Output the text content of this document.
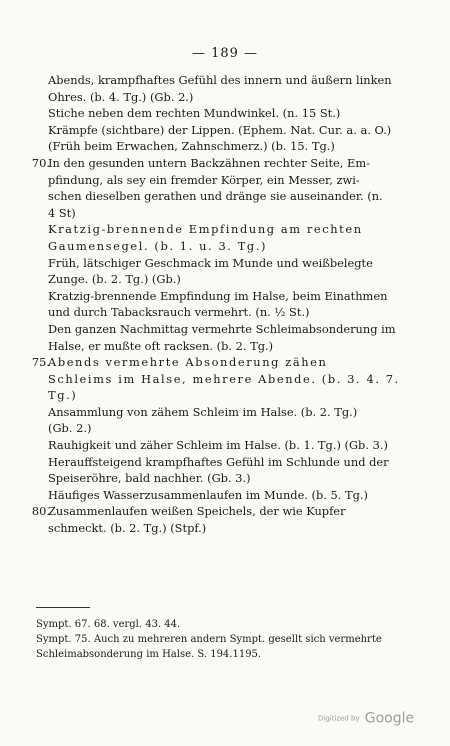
— 189 —

Abends, krampfhaftes Gefühl des innern und äußern linken

Ohres. (b. 4. Tg.) (Gb. 2.)

Stiche neben dem rechten Mundwinkel. (n. 15 St.)

Krämpfe (sichtbare) der Lippen. (Ephem. Nat. Cur. a. a. O.)

(Früh beim Erwachen, Zahnschmerz.) (b. 15. Tg.)

70.

In den gesunden untern Backzähnen rechter Seite, Em-

pfindung, als sey ein fremder Körper, ein Messer, zwi-

schen dieselben gerathen und dränge sie auseinander. (n.

4 St)

Kratzig-brennende Empfindung am rechten

Gaumensegel. (b. 1. u. 3. Tg.)

Früh, lätschiger Geschmack im Munde und weißbelegte

Zunge. (b. 2. Tg.) (Gb.)

Kratzig-brennende Empfindung im Halse, beim Einathmen

und durch Tabacksrauch vermehrt. (n. ½ St.)

Den ganzen Nachmittag vermehrte Schleimabsonderung im

Halse, er mußte oft racksen. (b. 2. Tg.)

75.

Abends vermehrte Absonderung zähen

Schleims im Halse, mehrere Abende. (b. 3. 4. 7. Tg.)

Ansammlung von zähem Schleim im Halse. (b. 2. Tg.)

(Gb. 2.)

Rauhigkeit und zäher Schleim im Halse. (b. 1. Tg.) (Gb. 3.)

Herauffsteigend krampfhaftes Gefühl im Schlunde und der

Speiseröhre, bald nachher. (Gb. 3.)

Häufiges Wasserzusammenlaufen im Munde. (b. 5. Tg.)

80.

Zusammenlaufen weißen Speichels, der wie Kupfer

schmeckt. (b. 2. Tg.) (Stpf.)

Sympt. 67. 68. vergl. 43. 44.

Sympt. 75. Auch zu mehreren andern Sympt. gesellt sich vermehrte

Schleimabsonderung im Halse. S. 194.1195.

Digitized by Google
